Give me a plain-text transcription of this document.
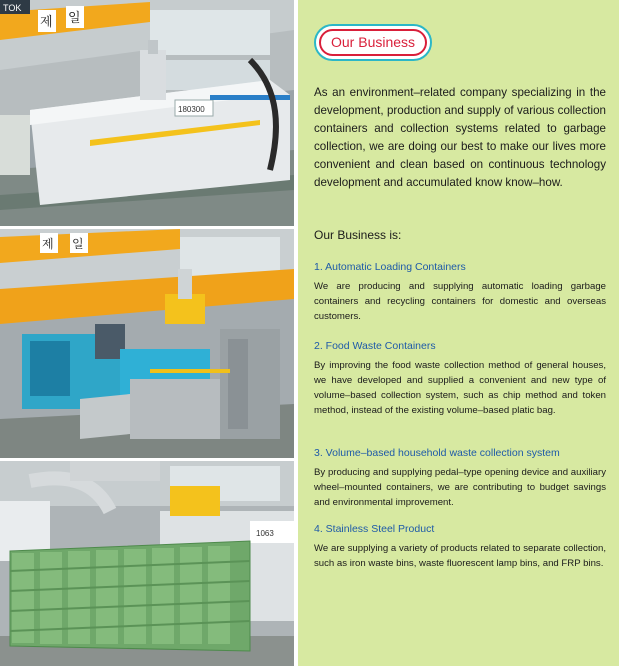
TOK
제 일
180300
제 일
1063
Our Business

As an environment–related company specializing in the development, production and supply of various collection containers and collection systems related to garbage collection, we are doing our best to make our lives more convenient and clean based on continuous technology development and accumulated know know–how.

Our Business is:

1. Automatic Loading Containers

We are producing and supplying automatic loading garbage containers and recycling containers for domestic and overseas customers.

2. Food Waste Containers

By improving the food waste collection method of general houses, we have developed and supplied a convenient and new type of volume–based collection system, such as chip method and token method, instead of the existing volume–based platic bag.

3. Volume–based household waste collection system

By producing and supplying pedal–type opening device and auxiliary wheel–mounted containers, we are contributing to budget savings and environmental improvement.

4. Stainless Steel Product

We are supplying a variety of products related to separate collection, such as iron waste bins, waste fluorescent lamp bins, and FRP bins.
